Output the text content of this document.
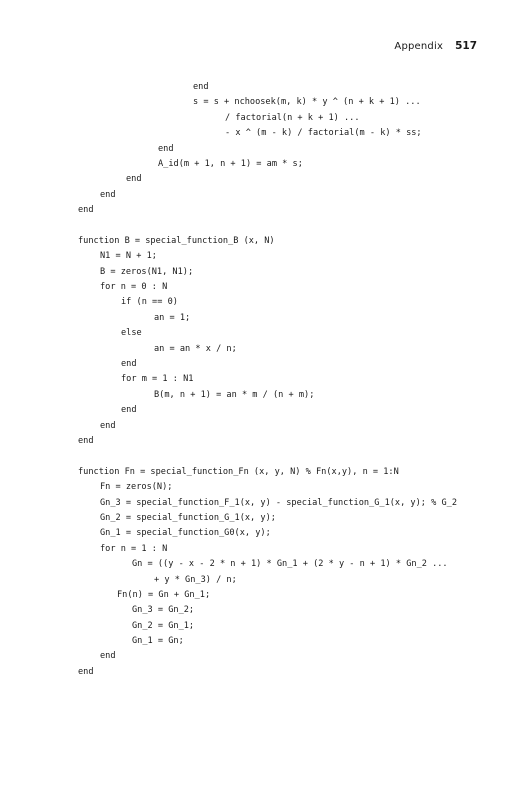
Appendix 517
end
s = s + nchoosek(m, k) * y ^ (n + k + 1) ...
/ factorial(n + k + 1) ...
- x ^ (m - k) / factorial(m - k) * ss;
end
A_id(m + 1, n + 1) = am * s;
end
end
end
function B = special_function_B (x, N)
N1 = N + 1;
B = zeros(N1, N1);
for n = 0 : N
if (n == 0)
an = 1;
else
an = an * x / n;
end
for m = 1 : N1
B(m, n + 1) = an * m / (n + m);
end
end
end
function Fn = special_function_Fn (x, y, N) % Fn(x,y), n = 1:N
Fn = zeros(N);
Gn_3 = special_function_F_1(x, y) - special_function_G_1(x, y); % G_2
Gn_2 = special_function_G_1(x, y);
Gn_1 = special_function_G0(x, y);
for n = 1 : N
Gn = ((y - x - 2 * n + 1) * Gn_1 + (2 * y - n + 1) * Gn_2 ...
+ y * Gn_3) / n;
Fn(n) = Gn + Gn_1;
Gn_3 = Gn_2;
Gn_2 = Gn_1;
Gn_1 = Gn;
end
end
